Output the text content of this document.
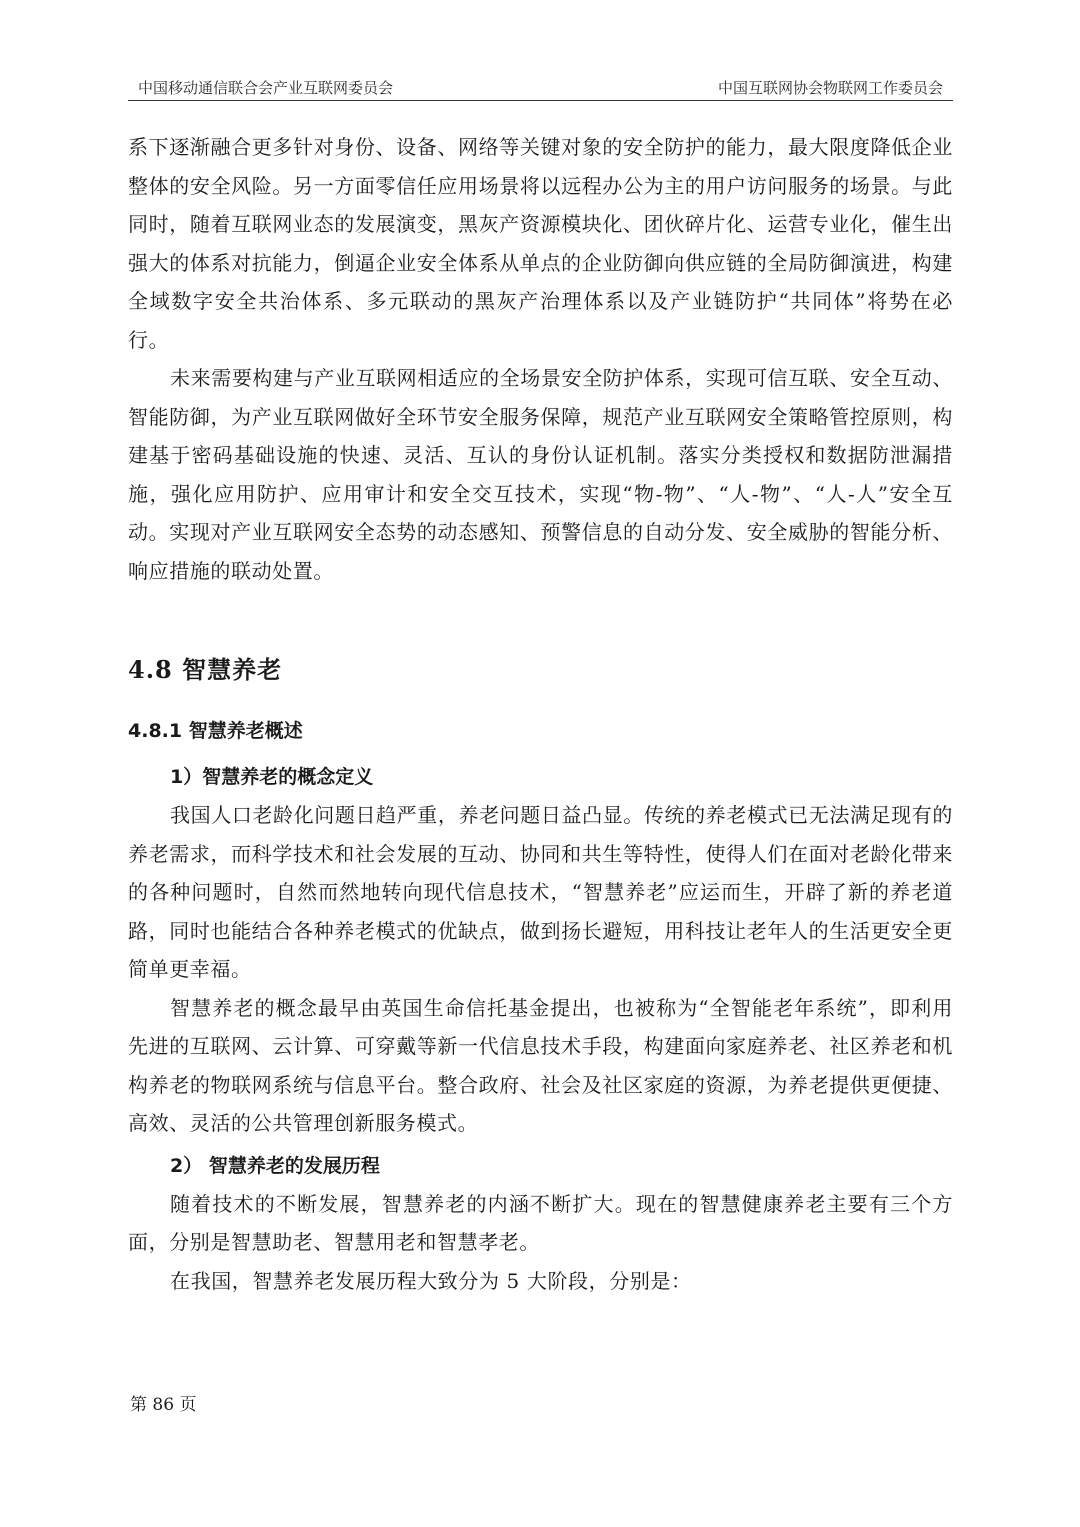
中国移动通信联合会产业互联网委员会	中国互联网协会物联网工作委员会

系下逐渐融合更多针对身份、设备、网络等关键对象的安全防护的能力，最大限度降低企业整体的安全风险。另一方面零信任应用场景将以远程办公为主的用户访问服务的场景。与此同时，随着互联网业态的发展演变，黑灰产资源模块化、团伙碎片化、运营专业化，催生出强大的体系对抗能力，倒逼企业安全体系从单点的企业防御向供应链的全局防御演进，构建全域数字安全共治体系、多元联动的黑灰产治理体系以及产业链防护“共同体”将势在必行。

未来需要构建与产业互联网相适应的全场景安全防护体系，实现可信互联、安全互动、智能防御，为产业互联网做好全环节安全服务保障，规范产业互联网安全策略管控原则，构建基于密码基础设施的快速、灵活、互认的身份认证机制。落实分类授权和数据防泄漏措施，强化应用防护、应用审计和安全交互技术，实现“物-物”、“人-物”、“人-人”安全互动。实现对产业互联网安全态势的动态感知、预警信息的自动分发、安全威胁的智能分析、响应措施的联动处置。

4.8 智慧养老
4.8.1 智慧养老概述
1）智慧养老的概念定义

我国人口老龄化问题日趋严重，养老问题日益凸显。传统的养老模式已无法满足现有的养老需求，而科学技术和社会发展的互动、协同和共生等特性，使得人们在面对老龄化带来的各种问题时，自然而然地转向现代信息技术，“智慧养老”应运而生，开辟了新的养老道路，同时也能结合各种养老模式的优缺点，做到扬长避短，用科技让老年人的生活更安全更简单更幸福。

智慧养老的概念最早由英国生命信托基金提出，也被称为“全智能老年系统”，即利用先进的互联网、云计算、可穿戴等新一代信息技术手段，构建面向家庭养老、社区养老和机构养老的物联网系统与信息平台。整合政府、社会及社区家庭的资源，为养老提供更便捷、高效、灵活的公共管理创新服务模式。

2） 智慧养老的发展历程

随着技术的不断发展，智慧养老的内涵不断扩大。现在的智慧健康养老主要有三个方面，分别是智慧助老、智慧用老和智慧孝老。

在我国，智慧养老发展历程大致分为 5 大阶段，分别是：

第 86 页
